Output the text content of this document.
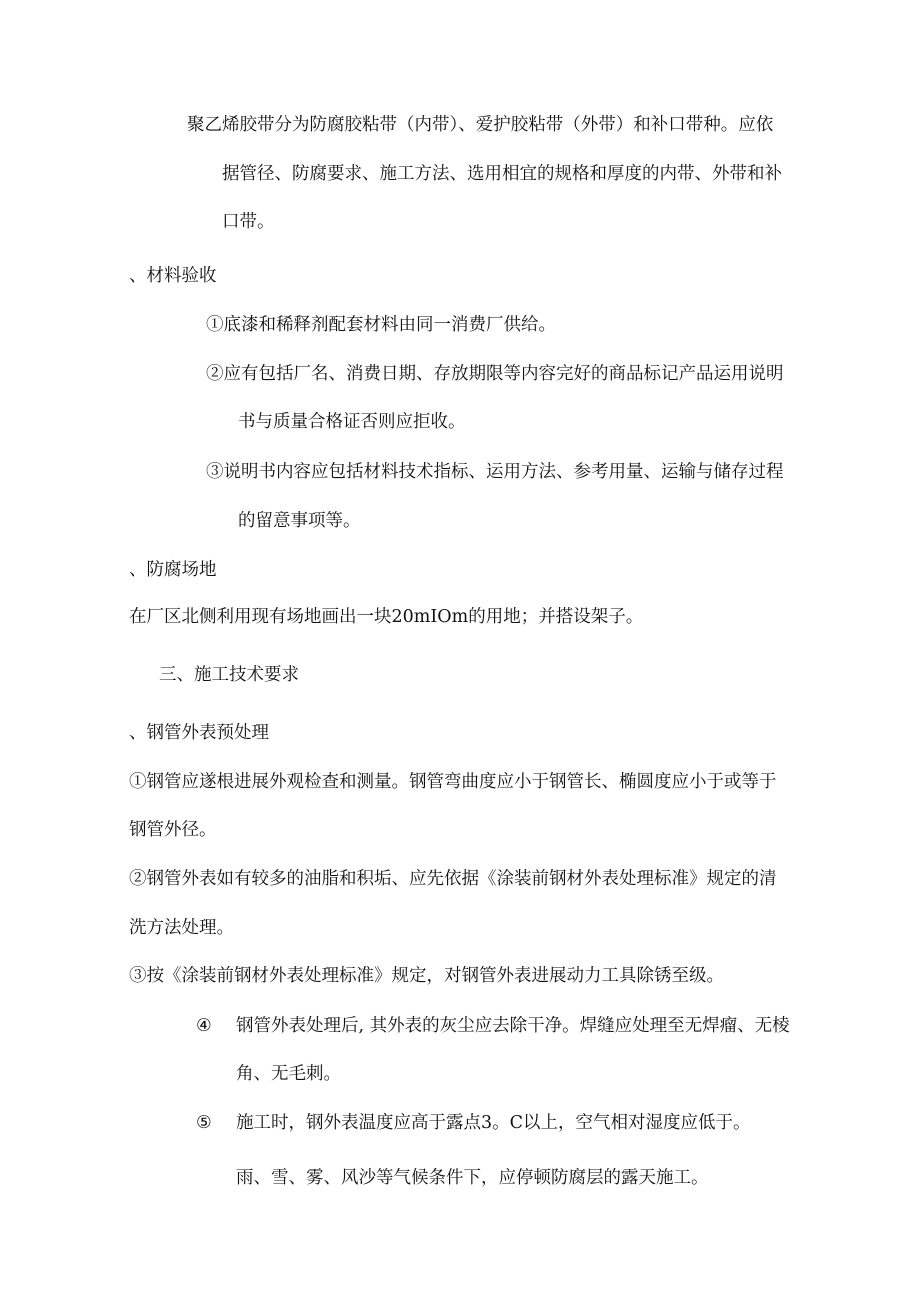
聚乙烯胶带分为防腐胶粘带（内带）、爱护胶粘带（外带）和补口带种。应依

据管径、防腐要求、施工方法、选用相宜的规格和厚度的内带、外带和补

口带。

、材料验收

①底漆和稀释剂配套材料由同一消费厂供给。

②应有包括厂名、消费日期、存放期限等内容完好的商品标记产品运用说明

书与质量合格证否则应拒收。

③说明书内容应包括材料技术指标、运用方法、参考用量、运输与储存过程

的留意事项等。

、防腐场地

在厂区北侧利用现有场地画出一块20mIOm的用地；并搭设架子。

三、施工技术要求

、钢管外表预处理

①钢管应遂根进展外观检查和测量。钢管弯曲度应小于钢管长、椭圆度应小于或等于

钢管外径。

②钢管外表如有较多的油脂和积垢、应先依据《涂装前钢材外表处理标准》规定的清

洗方法处理。

③按《涂装前钢材外表处理标准》规定，对钢管外表进展动力工具除锈至级。

④ 钢管外表处理后, 其外表的灰尘应去除干净。焊缝应处理至无焊瘤、无棱

角、无毛刺。

⑤ 施工时，钢外表温度应高于露点3。C以上，空气相对湿度应低于。

雨、雪、雾、风沙等气候条件下，应停顿防腐层的露天施工。
